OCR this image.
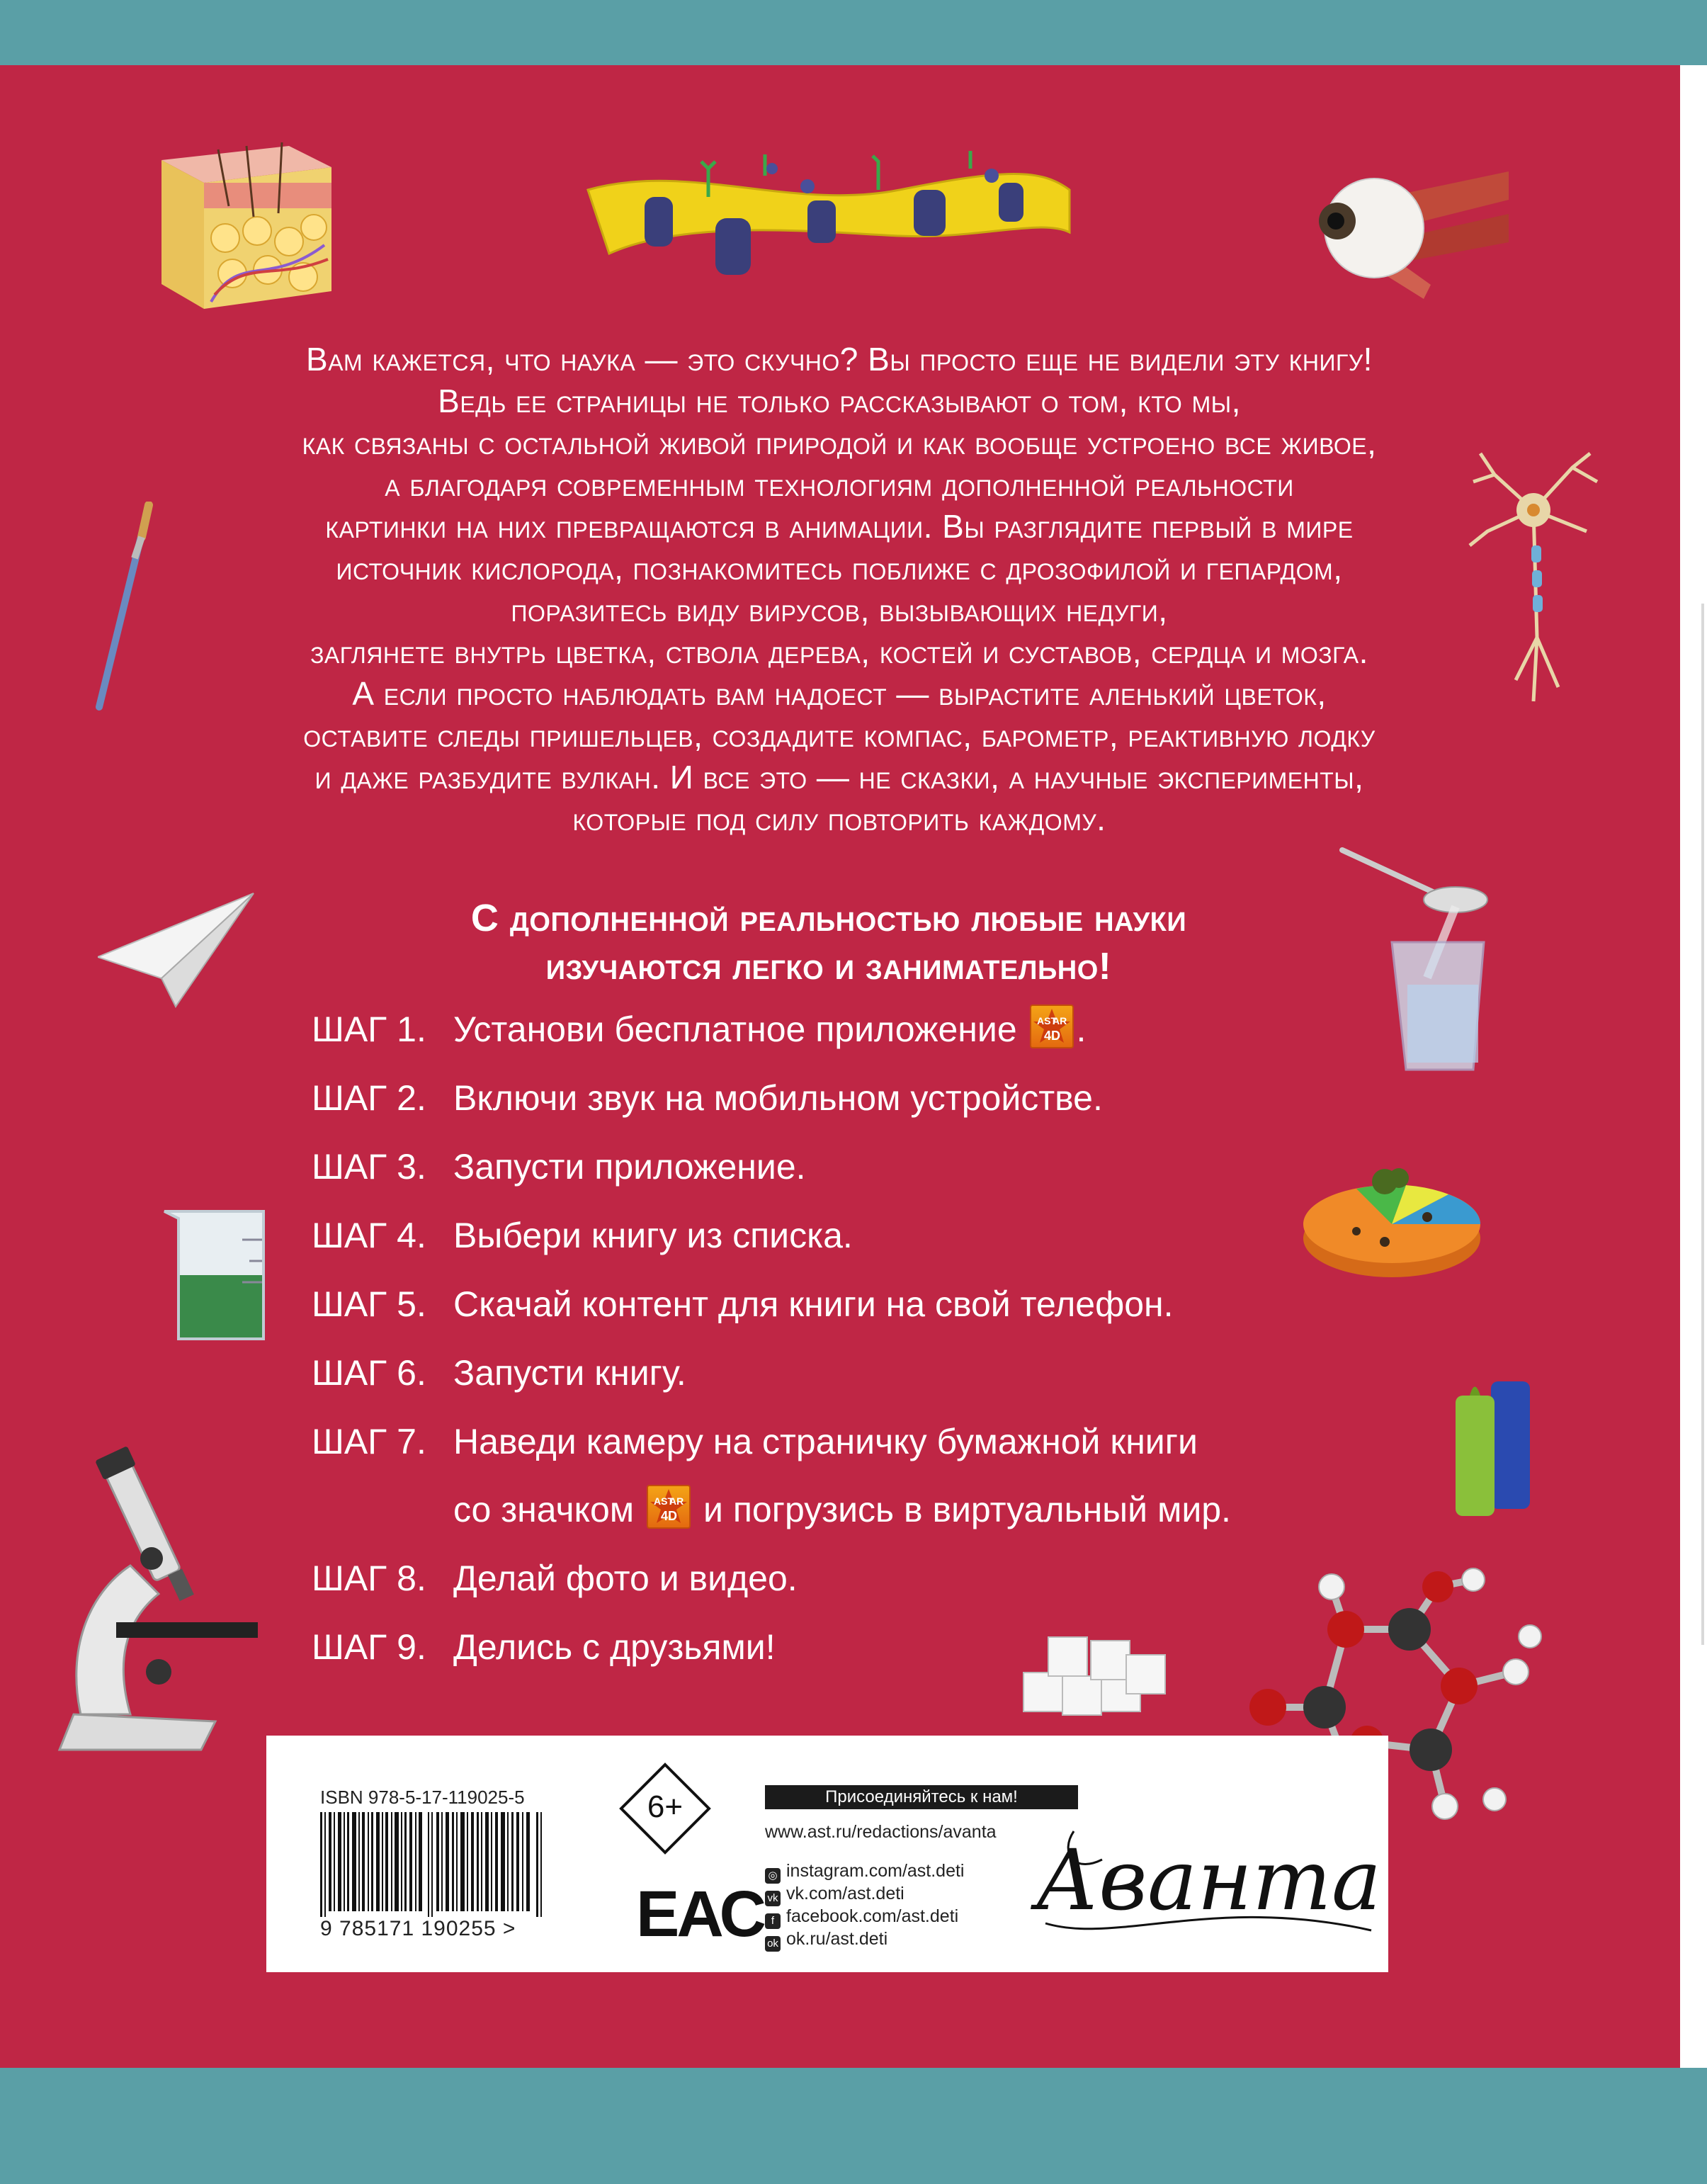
Вам кажется, что наука — это скучно? Вы просто еще не видели эту книгу!
Ведь ее страницы не только рассказывают о том, кто мы,
как связаны с остальной живой природой и как вообще устроено все живое,
а благодаря современным технологиям дополненной реальности
картинки на них превращаются в анимации. Вы разглядите первый в мире
источник кислорода, познакомитесь поближе с дрозофилой и гепардом,
поразитесь виду вирусов, вызывающих недуги,
заглянете внутрь цветка, ствола дерева, костей и суставов, сердца и мозга.
А если просто наблюдать вам надоест — вырастите аленький цветок,
оставите следы пришельцев, создадите компас, барометр, реактивную лодку
и даже разбудите вулкан. И все это — не сказки, а научные эксперименты,
которые под силу повторить каждому.
С дополненной реальностью любые науки
изучаются легко и занимательно!
ШАГ 1. Установи бесплатное приложение AST
AR
4D .
ШАГ 2. Включи звук на мобильном устройстве.
ШАГ 3. Запусти приложение.
ШАГ 4. Выбери книгу из списка.
ШАГ 5. Скачай контент для книги на свой телефон.
ШАГ 6. Запусти книгу.
ШАГ 7. Наведи камеру на страничку бумажной книги
со значком AST
AR
4D и погрузись в виртуальный мир.
ШАГ 8. Делай фото и видео.
ШАГ 9. Делись с друзьями!
ISBN 978-5-17-119025-5
9 785171 190255 >
6+
ЕАС
Присоединяйтесь к нам!
www.ast.ru/redactions/avanta
◎ instagram.com/ast.deti
vk vk.com/ast.deti
f facebook.com/ast.deti
ok ok.ru/ast.deti
Аванта
